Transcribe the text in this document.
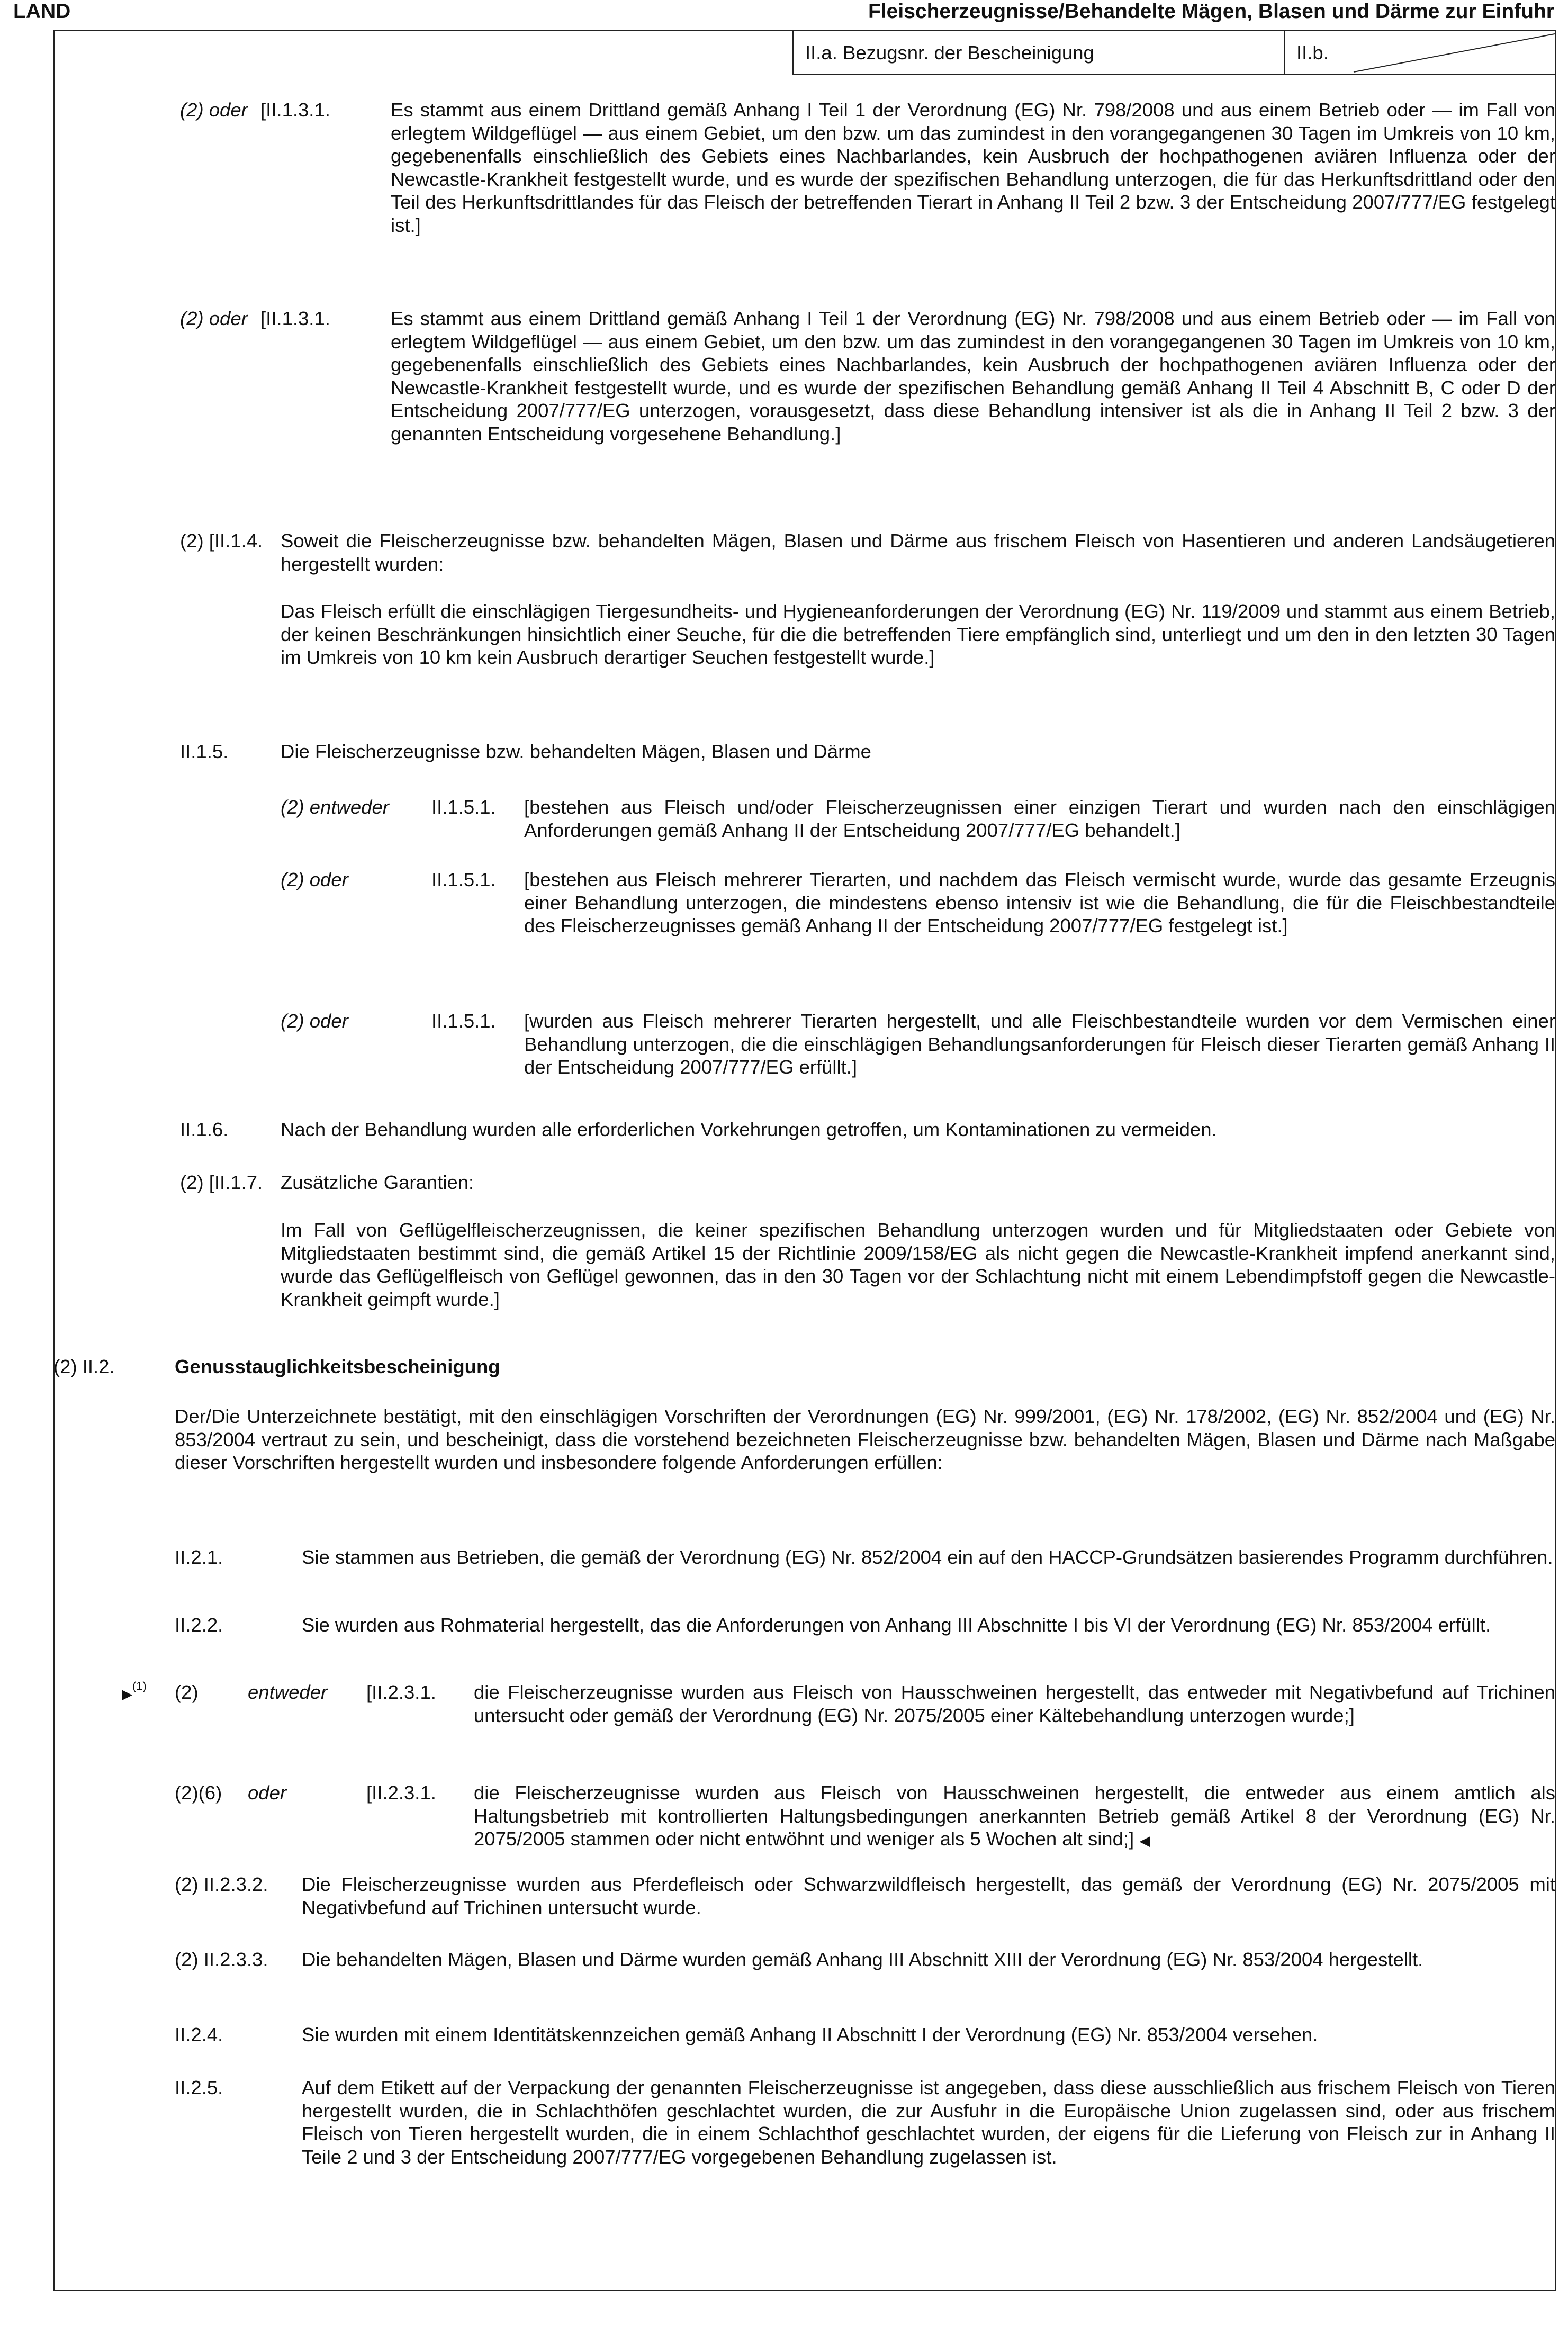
LAND	Fleischerzeugnisse/Behandelte Mägen, Blasen und Därme zur Einfuhr
II.a. Bezugsnr. der Bescheinigung	II.b.
(2) oder [II.1.3.1.	Es stammt aus einem Drittland gemäß Anhang I Teil 1 der Verordnung (EG) Nr. 798/2008 und aus einem Betrieb oder — im Fall von erlegtem Wildgeflügel — aus einem Gebiet, um den bzw. um das zumindest in den vorangegangenen 30 Tagen im Umkreis von 10 km, gegebenenfalls einschließlich des Gebiets eines Nachbarlandes, kein Ausbruch der hochpathogenen aviären Influenza oder der Newcastle-Krankheit festgestellt wurde, und es wurde der spezifischen Behandlung unterzogen, die für das Herkunftsdrittland oder den Teil des Herkunftsdrittlandes für das Fleisch der betreffenden Tierart in Anhang II Teil 2 bzw. 3 der Entscheidung 2007/777/EG festgelegt ist.]
(2) oder [II.1.3.1.	Es stammt aus einem Drittland gemäß Anhang I Teil 1 der Verordnung (EG) Nr. 798/2008 und aus einem Betrieb oder — im Fall von erlegtem Wildgeflügel — aus einem Gebiet, um den bzw. um das zumindest in den vorangegangenen 30 Tagen im Umkreis von 10 km, gegebenenfalls einschließlich des Gebiets eines Nachbarlandes, kein Ausbruch der hochpathogenen aviären Influenza oder der Newcastle-Krankheit festgestellt wurde, und es wurde der spezifischen Behandlung gemäß Anhang II Teil 4 Abschnitt B, C oder D der Entscheidung 2007/777/EG unterzogen, vorausgesetzt, dass diese Behandlung intensiver ist als die in Anhang II Teil 2 bzw. 3 der genannten Entscheidung vorgesehene Behandlung.]
(2) [II.1.4. Soweit die Fleischerzeugnisse bzw. behandelten Mägen, Blasen und Därme aus frischem Fleisch von Hasentieren und anderen Landsäugetieren hergestellt wurden:
Das Fleisch erfüllt die einschlägigen Tiergesundheits- und Hygieneanforderungen der Verordnung (EG) Nr. 119/2009 und stammt aus einem Betrieb, der keinen Beschränkungen hinsichtlich einer Seuche, für die die betreffenden Tiere empfänglich sind, unterliegt und um den in den letzten 30 Tagen im Umkreis von 10 km kein Ausbruch derartiger Seuchen festgestellt wurde.]
II.1.5.	Die Fleischerzeugnisse bzw. behandelten Mägen, Blasen und Därme
(2) entweder II.1.5.1. [bestehen aus Fleisch und/oder Fleischerzeugnissen einer einzigen Tierart und wurden nach den einschlägigen Anforderungen gemäß Anhang II der Entscheidung 2007/777/EG behandelt.]
(2) oder	II.1.5.1. [bestehen aus Fleisch mehrerer Tierarten, und nachdem das Fleisch vermischt wurde, wurde das gesamte Erzeugnis einer Behandlung unterzogen, die mindestens ebenso intensiv ist wie die Behandlung, die für die Fleischbestandteile des Fleischerzeugnisses gemäß Anhang II der Entscheidung 2007/777/EG festgelegt ist.]
(2) oder	II.1.5.1. [wurden aus Fleisch mehrerer Tierarten hergestellt, und alle Fleischbestandteile wurden vor dem Vermischen einer Behandlung unterzogen, die die einschlägigen Behandlungsanforderungen für Fleisch dieser Tierarten gemäß Anhang II der Entscheidung 2007/777/EG erfüllt.]
II.1.6.	Nach der Behandlung wurden alle erforderlichen Vorkehrungen getroffen, um Kontaminationen zu vermeiden.
(2) [II.1.7. Zusätzliche Garantien:
Im Fall von Geflügelfleischerzeugnissen, die keiner spezifischen Behandlung unterzogen wurden und für Mitgliedstaaten oder Gebiete von Mitgliedstaaten bestimmt sind, die gemäß Artikel 15 der Richtlinie 2009/158/EG als nicht gegen die Newcastle-Krankheit impfend anerkannt sind, wurde das Geflügelfleisch von Geflügel gewonnen, das in den 30 Tagen vor der Schlachtung nicht mit einem Lebendimpfstoff gegen die Newcastle-Krankheit geimpft wurde.]
(2) II.2.	Genusstauglichkeitsbescheinigung
Der/Die Unterzeichnete bestätigt, mit den einschlägigen Vorschriften der Verordnungen (EG) Nr. 999/2001, (EG) Nr. 178/2002, (EG) Nr. 852/2004 und (EG) Nr. 853/2004 vertraut zu sein, und bescheinigt, dass die vorstehend bezeichneten Fleischerzeugnisse bzw. behandelten Mägen, Blasen und Därme nach Maßgabe dieser Vorschriften hergestellt wurden und insbesondere folgende Anforderungen erfüllen:
II.2.1.	Sie stammen aus Betrieben, die gemäß der Verordnung (EG) Nr. 852/2004 ein auf den HACCP-Grundsätzen basierendes Programm durchführen.
II.2.2.	Sie wurden aus Rohmaterial hergestellt, das die Anforderungen von Anhang III Abschnitte I bis VI der Verordnung (EG) Nr. 853/2004 erfüllt.
▶$^{(1)}$ (2)	entweder [II.2.3.1. die Fleischerzeugnisse wurden aus Fleisch von Hausschweinen hergestellt, das entweder mit Negativbefund auf Trichinen untersucht oder gemäß der Verordnung (EG) Nr. 2075/2005 einer Kältebehandlung unterzogen wurde;]
(2)(6) oder	[II.2.3.1. die Fleischerzeugnisse wurden aus Fleisch von Hausschweinen hergestellt, die entweder aus einem amtlich als Haltungsbetrieb mit kontrollierten Haltungsbedingungen anerkannten Betrieb gemäß Artikel 8 der Verordnung (EG) Nr. 2075/2005 stammen oder nicht entwöhnt und weniger als 5 Wochen alt sind;] ◀
(2) II.2.3.2. Die Fleischerzeugnisse wurden aus Pferdefleisch oder Schwarzwildfleisch hergestellt, das gemäß der Verordnung (EG) Nr. 2075/2005 mit Negativbefund auf Trichinen untersucht wurde.
(2) II.2.3.3. Die behandelten Mägen, Blasen und Därme wurden gemäß Anhang III Abschnitt XIII der Verordnung (EG) Nr. 853/2004 hergestellt.
II.2.4.	Sie wurden mit einem Identitätskennzeichen gemäß Anhang II Abschnitt I der Verordnung (EG) Nr. 853/2004 versehen.
II.2.5.	Auf dem Etikett auf der Verpackung der genannten Fleischerzeugnisse ist angegeben, dass diese ausschließlich aus frischem Fleisch von Tieren hergestellt wurden, die in Schlachthöfen geschlachtet wurden, die zur Ausfuhr in die Europäische Union zugelassen sind, oder aus frischem Fleisch von Tieren hergestellt wurden, die in einem Schlachthof geschlachtet wurden, der eigens für die Lieferung von Fleisch zur in Anhang II Teile 2 und 3 der Entscheidung 2007/777/EG vorgegebenen Behandlung zugelassen ist.
